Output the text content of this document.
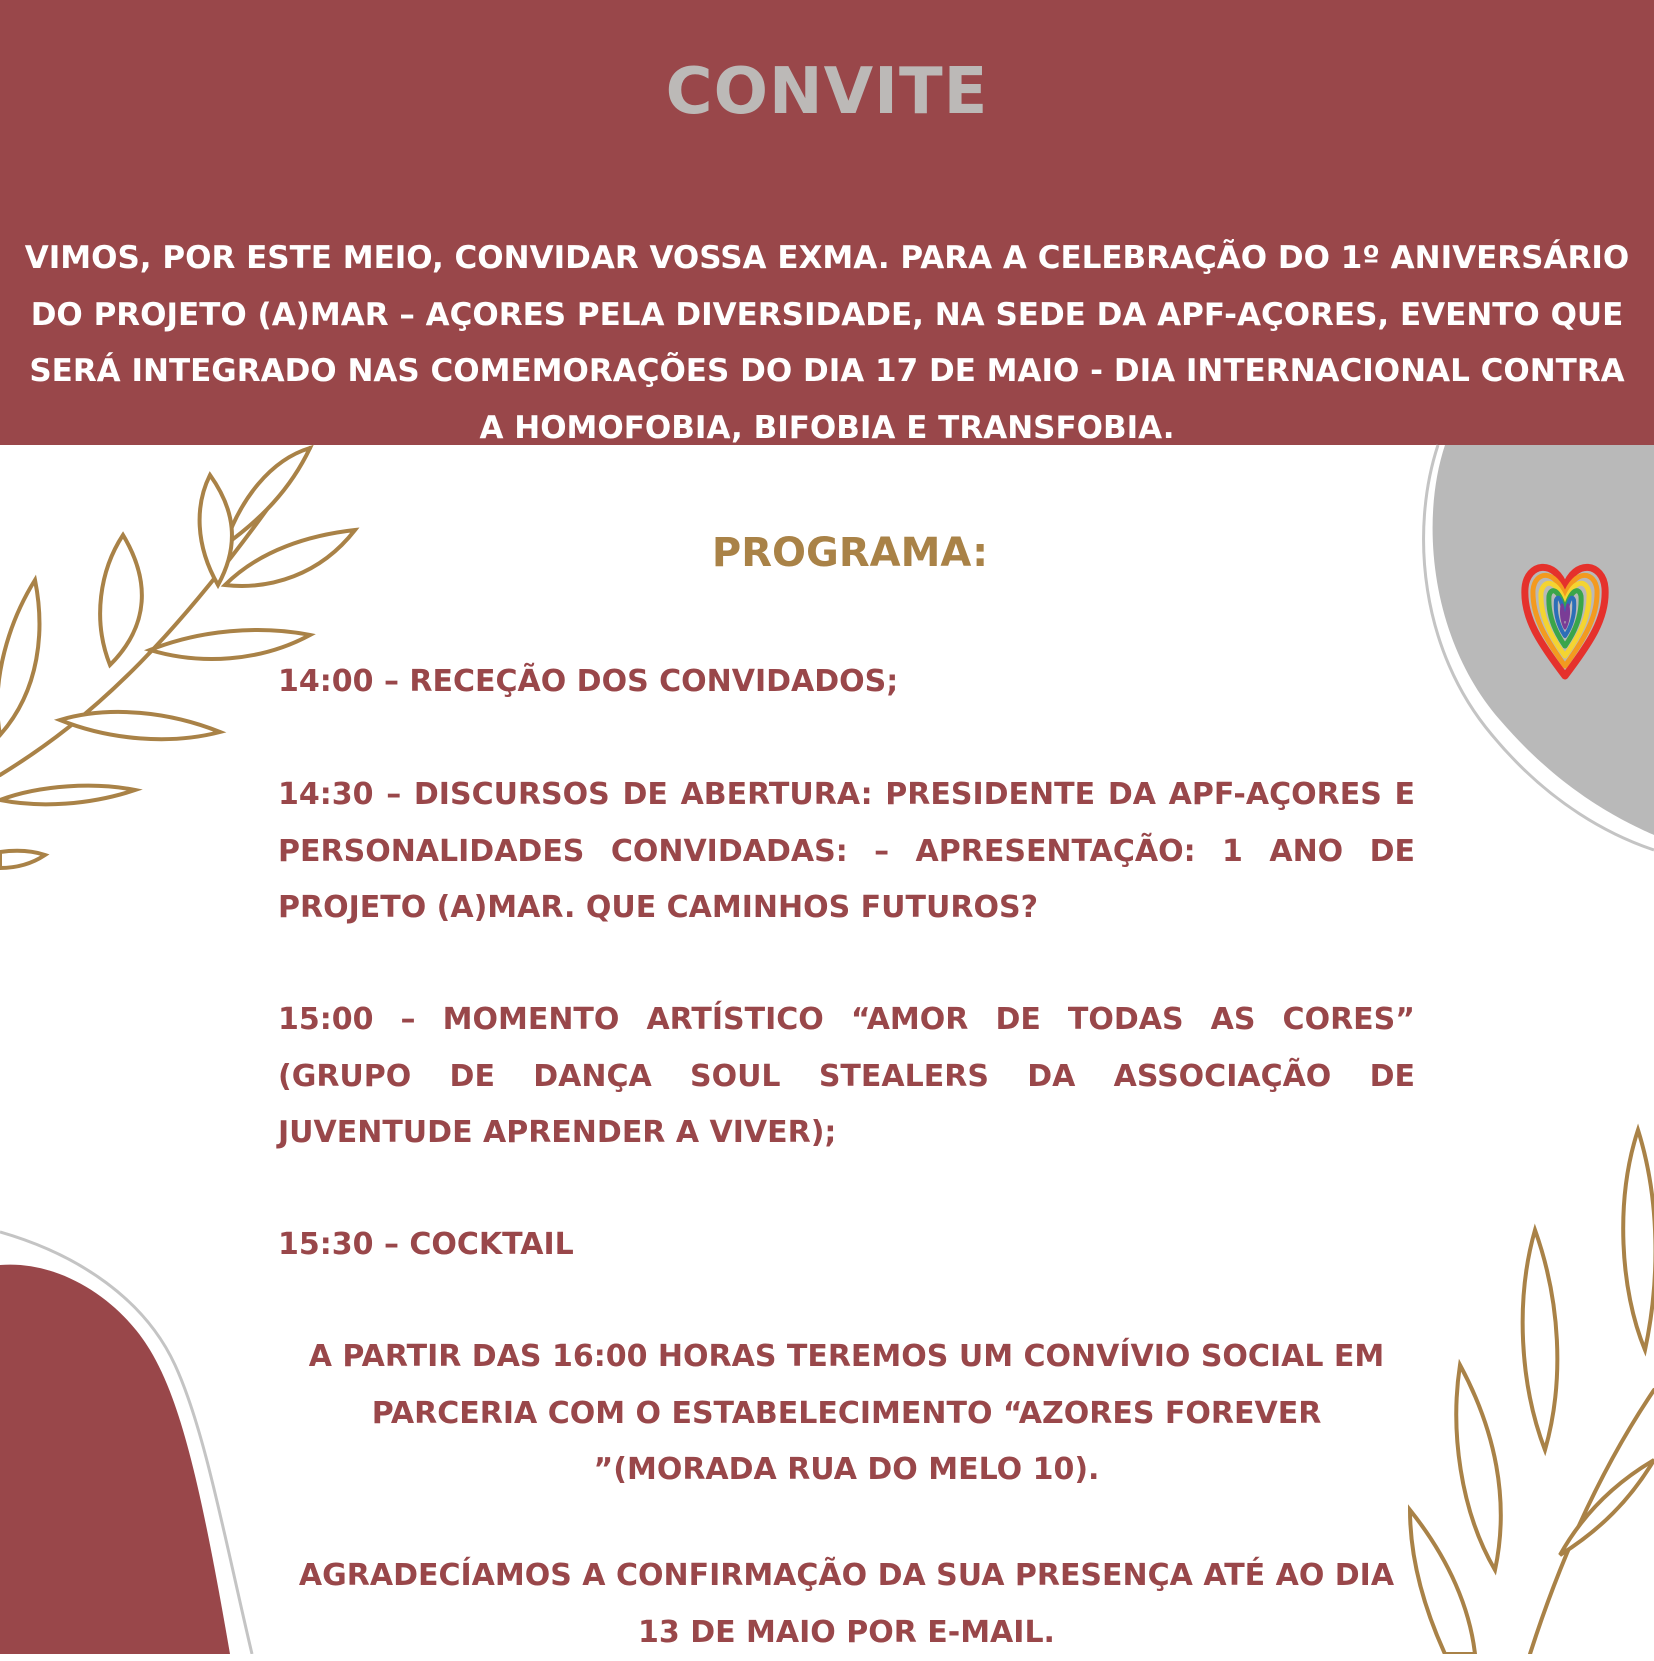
CONVITE
VIMOS, POR ESTE MEIO, CONVIDAR VOSSA EXMA. PARA A CELEBRAÇÃO DO 1º ANIVERSÁRIO DO PROJETO (A)MAR – AÇORES PELA DIVERSIDADE, NA SEDE DA APF-AÇORES, EVENTO QUE SERÁ INTEGRADO NAS COMEMORAÇÕES DO DIA 17 DE MAIO - DIA INTERNACIONAL CONTRA A HOMOFOBIA, BIFOBIA E TRANSFOBIA.
PROGRAMA:
14:00 – RECEÇÃO DOS CONVIDADOS;
14:30 – DISCURSOS DE ABERTURA: PRESIDENTE DA APF-AÇORES E PERSONALIDADES CONVIDADAS: – APRESENTAÇÃO: 1 ANO DE PROJETO (A)MAR. QUE CAMINHOS FUTUROS?
15:00 – MOMENTO ARTÍSTICO “AMOR DE TODAS AS CORES” (GRUPO DE DANÇA SOUL STEALERS DA ASSOCIAÇÃO DE JUVENTUDE APRENDER A VIVER);
15:30 – COCKTAIL
A PARTIR DAS 16:00 HORAS TEREMOS UM CONVÍVIO SOCIAL EM PARCERIA COM O ESTABELECIMENTO “AZORES FOREVER ”(MORADA RUA DO MELO 10).
AGRADECÍAMOS A CONFIRMAÇÃO DA SUA PRESENÇA ATÉ AO DIA 13 DE MAIO POR E-MAIL.
